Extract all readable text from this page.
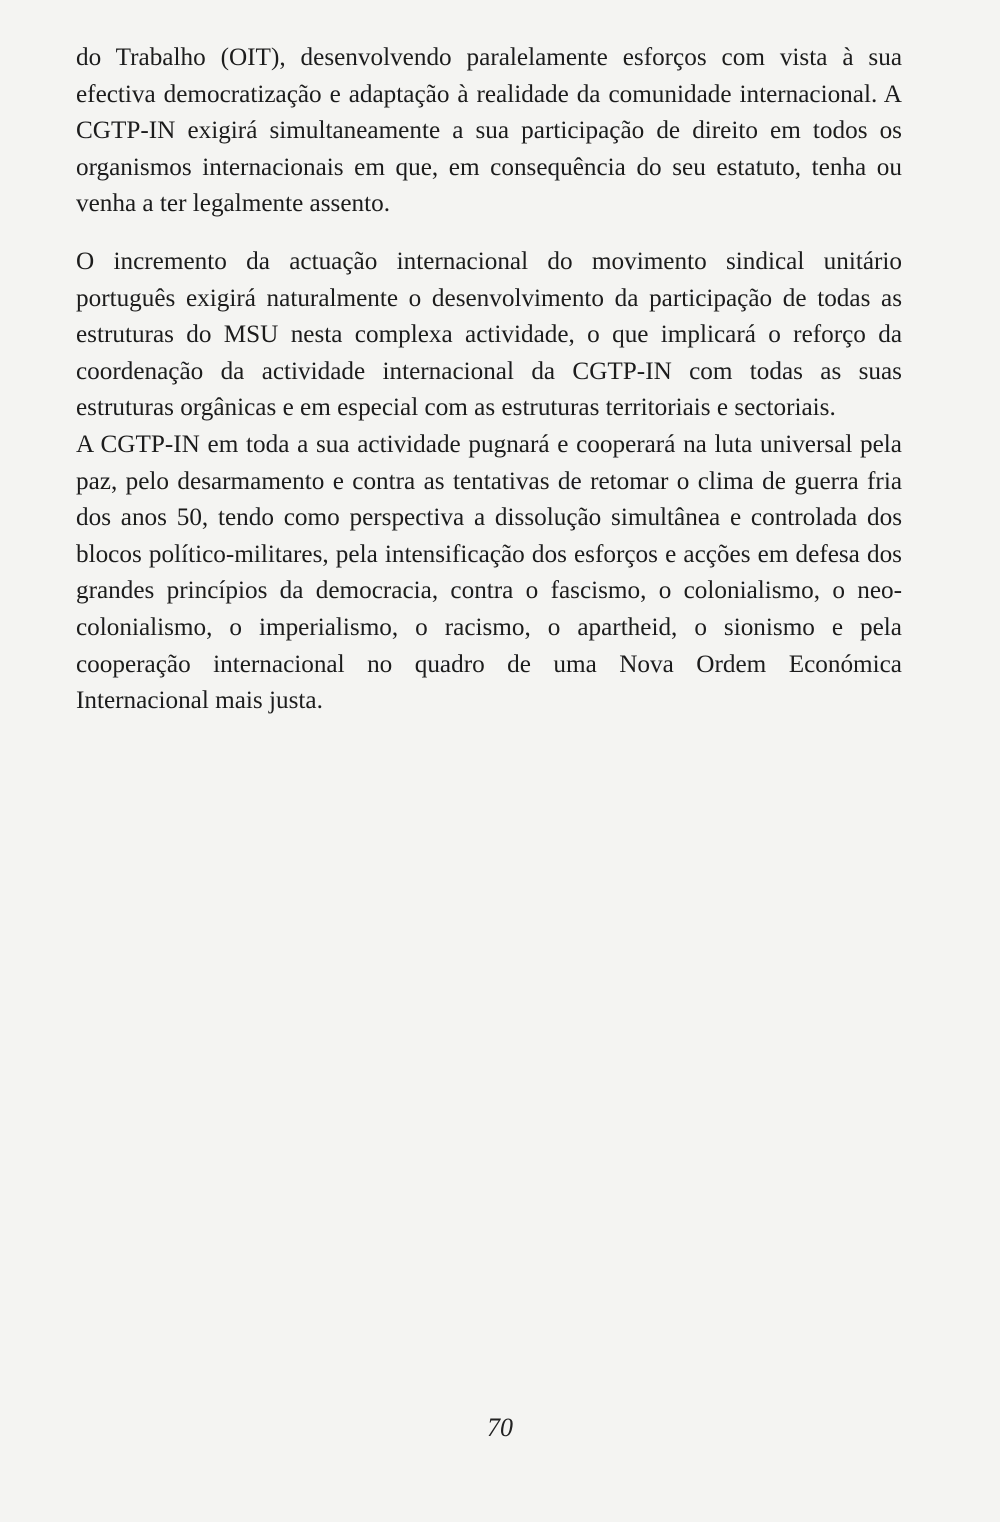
do Trabalho (OIT), desenvolvendo paralelamente esforços com vista à sua efectiva democratização e adaptação à realidade da comunidade internacional. A CGTP-IN exigirá simultaneamente a sua participação de direito em todos os organismos internacionais em que, em consequência do seu estatuto, tenha ou venha a ter legalmente assento.

O incremento da actuação internacional do movimento sindical unitário português exigirá naturalmente o desenvolvimento da participação de todas as estruturas do MSU nesta complexa actividade, o que implicará o reforço da coordenação da actividade internacional da CGTP-IN com todas as suas estruturas orgânicas e em especial com as estruturas territoriais e sectoriais.

A CGTP-IN em toda a sua actividade pugnará e cooperará na luta universal pela paz, pelo desarmamento e contra as tentativas de retomar o clima de guerra fria dos anos 50, tendo como perspectiva a dissolução simultânea e controlada dos blocos político-militares, pela intensificação dos esforços e acções em defesa dos grandes princípios da democracia, contra o fascismo, o colonialismo, o neo-colonialismo, o imperialismo, o racismo, o apartheid, o sionismo e pela cooperação internacional no quadro de uma Nova Ordem Económica Internacional mais justa.

70
